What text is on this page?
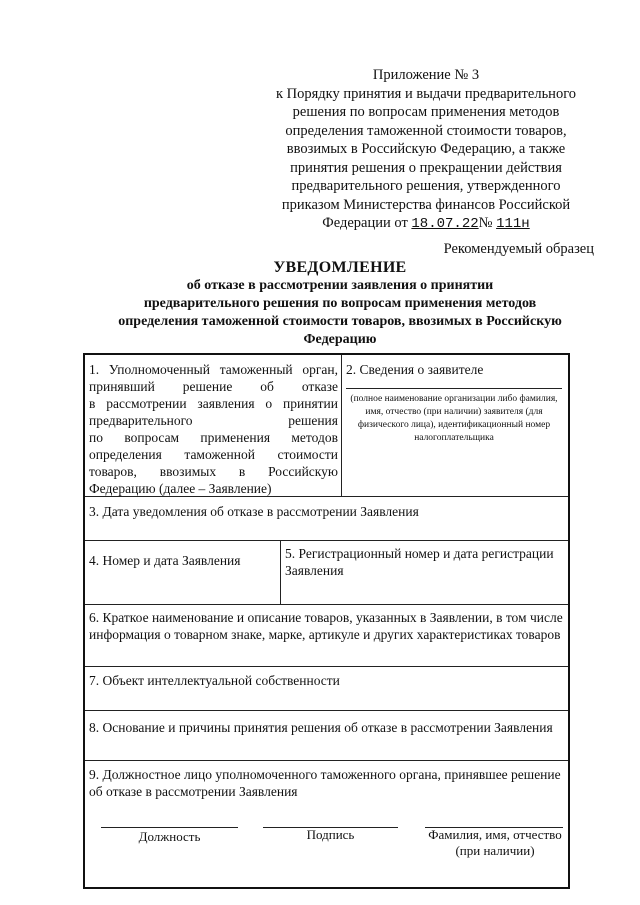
Приложение № 3
к Порядку принятия и выдачи предварительного
решения по вопросам применения методов
определения таможенной стоимости товаров,
ввозимых в Российскую Федерацию, а также
принятия решения о прекращении действия
предварительного решения, утвержденного
приказом Министерства финансов Российской
Федерации от 18.07.22№ 111н
Рекомендуемый образец
УВЕДОМЛЕНИЕ
об отказе в рассмотрении заявления о принятии
предварительного решения по вопросам применения методов
определения таможенной стоимости товаров, ввозимых в Российскую
Федерацию
1. Уполномоченный таможенный орган,
принявший решение об отказе
в рассмотрении заявления о принятии
предварительного решения
по вопросам применения методов
определения таможенной стоимости
товаров, ввозимых в Российскую
Федерацию (далее – Заявление)
2. Сведения о заявителе
(полное наименование организации либо фамилия, имя, отчество (при наличии) заявителя (для физического лица), идентификационный номер налогоплательщика
3. Дата уведомления об отказе в рассмотрении Заявления
4. Номер и дата Заявления	5. Регистрационный номер и дата регистрации Заявления
6. Краткое наименование и описание товаров, указанных в Заявлении, в том числе информация о товарном знаке, марке, артикуле и других характеристиках товаров
7. Объект интеллектуальной собственности
8. Основание и причины принятия решения об отказе в рассмотрении Заявления
9. Должностное лицо уполномоченного таможенного органа, принявшее решение об отказе в рассмотрении Заявления
Должность	Подпись	Фамилия, имя, отчество
(при наличии)
